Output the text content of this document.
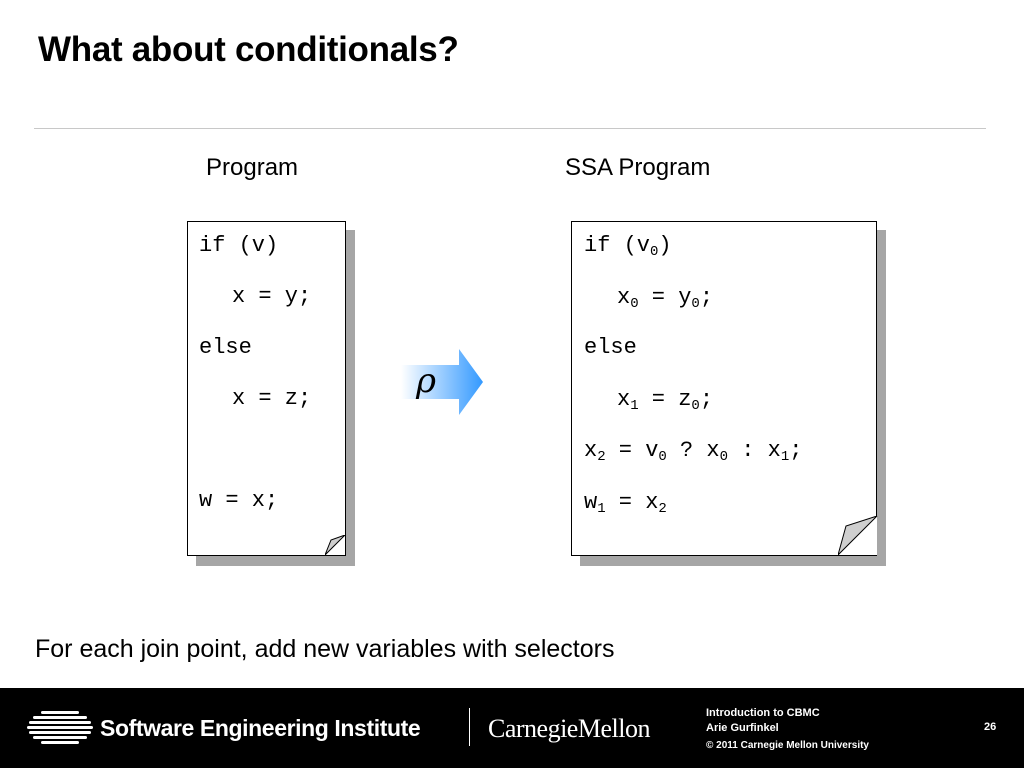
What about conditionals?
Program	SSA Program
if (v)
x = y;
else
x = z;
w = x;
ρ
if $(v_0)$
$x_0 = y_0$;
else
$x_1 = z_0$;
$x_2 = v_0$ ? $x_0$ : $x_1$;
$w_1 = x_2$
For each join point, add new variables with selectors
Software Engineering Institute	CarnegieMellon
Introduction to CBMC
Arie Gurfinkel
© 2011 Carnegie Mellon University
26
